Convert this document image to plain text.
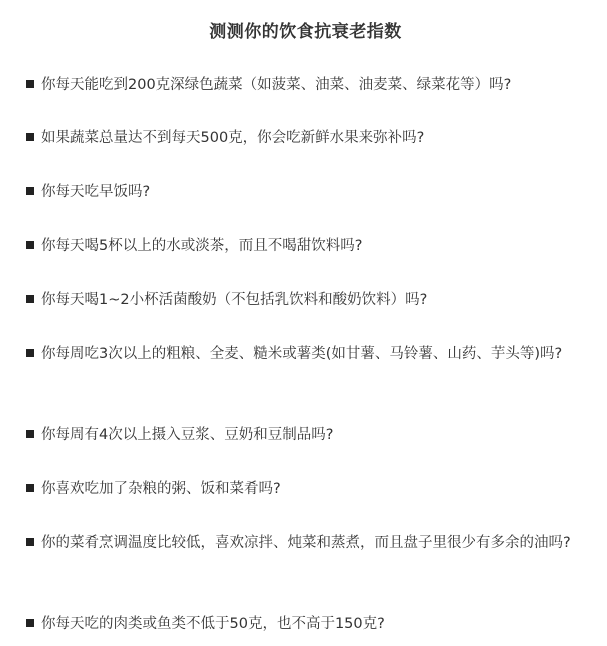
测测你的饮食抗衰老指数
你每天能吃到200克深绿色蔬菜（如菠菜、油菜、油麦菜、绿菜花等）吗?
如果蔬菜总量达不到每天500克，你会吃新鲜水果来弥补吗?
你每天吃早饭吗?
你每天喝5杯以上的水或淡茶，而且不喝甜饮料吗?
你每天喝1~2小杯活菌酸奶（不包括乳饮料和酸奶饮料）吗?
你每周吃3次以上的粗粮、全麦、糙米或薯类(如甘薯、马铃薯、山药、芋头等)吗?
你每周有4次以上摄入豆浆、豆奶和豆制品吗?
你喜欢吃加了杂粮的粥、饭和菜肴吗?
你的菜肴烹调温度比较低，喜欢凉拌、炖菜和蒸煮，而且盘子里很少有多余的油吗?
你每天吃的肉类或鱼类不低于50克，也不高于150克?
